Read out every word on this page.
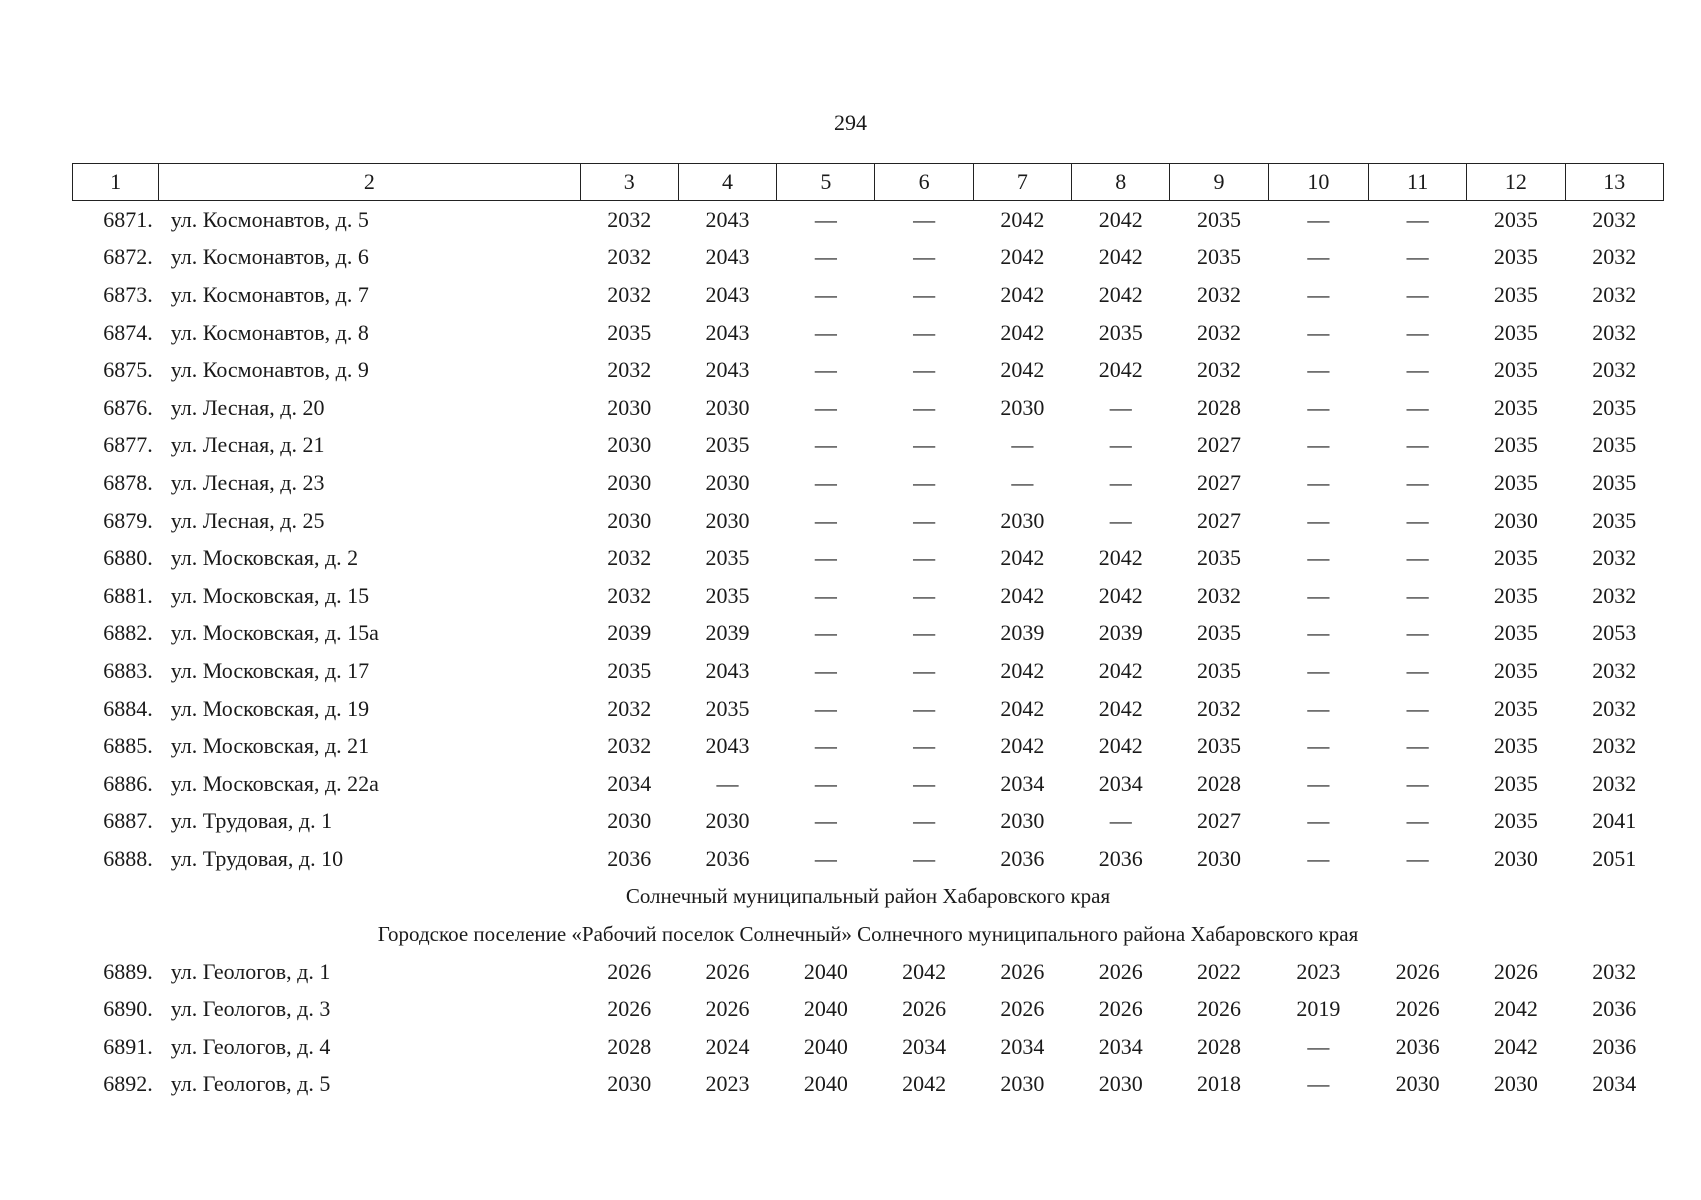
294
1	2	3	4	5	6	7	8	9	10	11	12	13
6871.	ул. Космонавтов, д. 5	2032	2043	—	—	2042	2042	2035	—	—	2035	2032
6872.	ул. Космонавтов, д. 6	2032	2043	—	—	2042	2042	2035	—	—	2035	2032
6873.	ул. Космонавтов, д. 7	2032	2043	—	—	2042	2042	2032	—	—	2035	2032
6874.	ул. Космонавтов, д. 8	2035	2043	—	—	2042	2035	2032	—	—	2035	2032
6875.	ул. Космонавтов, д. 9	2032	2043	—	—	2042	2042	2032	—	—	2035	2032
6876.	ул. Лесная, д. 20	2030	2030	—	—	2030	—	2028	—	—	2035	2035
6877.	ул. Лесная, д. 21	2030	2035	—	—	—	—	2027	—	—	2035	2035
6878.	ул. Лесная, д. 23	2030	2030	—	—	—	—	2027	—	—	2035	2035
6879.	ул. Лесная, д. 25	2030	2030	—	—	2030	—	2027	—	—	2030	2035
6880.	ул. Московская, д. 2	2032	2035	—	—	2042	2042	2035	—	—	2035	2032
6881.	ул. Московская, д. 15	2032	2035	—	—	2042	2042	2032	—	—	2035	2032
6882.	ул. Московская, д. 15а	2039	2039	—	—	2039	2039	2035	—	—	2035	2053
6883.	ул. Московская, д. 17	2035	2043	—	—	2042	2042	2035	—	—	2035	2032
6884.	ул. Московская, д. 19	2032	2035	—	—	2042	2042	2032	—	—	2035	2032
6885.	ул. Московская, д. 21	2032	2043	—	—	2042	2042	2035	—	—	2035	2032
6886.	ул. Московская, д. 22а	2034	—	—	—	2034	2034	2028	—	—	2035	2032
6887.	ул. Трудовая, д. 1	2030	2030	—	—	2030	—	2027	—	—	2035	2041
6888.	ул. Трудовая, д. 10	2036	2036	—	—	2036	2036	2030	—	—	2030	2051
Солнечный муниципальный район Хабаровского края												
Городское поселение «Рабочий поселок Солнечный» Солнечного муниципального района Хабаровского края												
6889.	ул. Геологов, д. 1	2026	2026	2040	2042	2026	2026	2022	2023	2026	2026	2032
6890.	ул. Геологов, д. 3	2026	2026	2040	2026	2026	2026	2026	2019	2026	2042	2036
6891.	ул. Геологов, д. 4	2028	2024	2040	2034	2034	2034	2028	—	2036	2042	2036
6892.	ул. Геологов, д. 5	2030	2023	2040	2042	2030	2030	2018	—	2030	2030	2034
